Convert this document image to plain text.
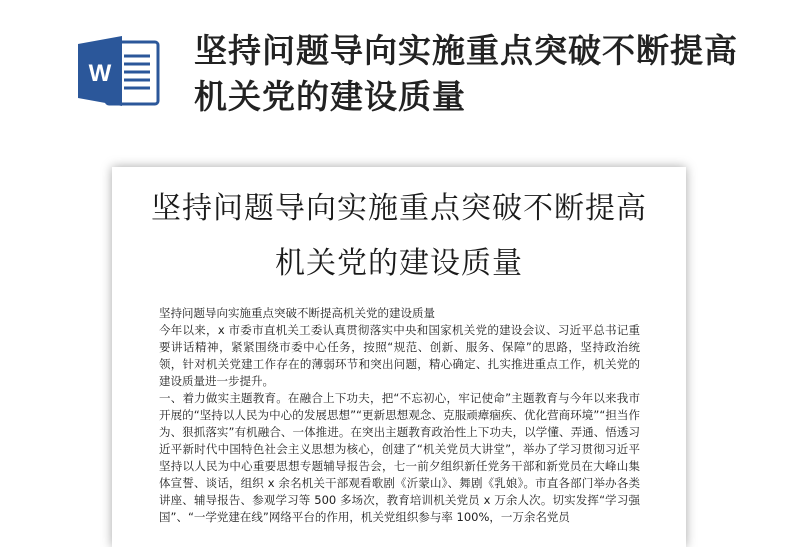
W
坚持问题导向实施重点突破不断提高机关党的建设质量
坚持问题导向实施重点突破不断提高机关党的建设质量

坚持问题导向实施重点突破不断提高机关党的建设质量

今年以来，x 市委市直机关工委认真贯彻落实中央和国家机关党的建设会议、习近平总书记重要讲话精神，紧紧围绕市委中心任务，按照“规范、创新、服务、保障”的思路，坚持政治统领，针对机关党建工作存在的薄弱环节和突出问题，精心确定、扎实推进重点工作，机关党的建设质量进一步提升。

一、着力做实主题教育。在融合上下功夫，把“不忘初心，牢记使命”主题教育与今年以来我市开展的“坚持以人民为中心的发展思想”“更新思想观念、克服顽瘴痼疾、优化营商环境”“担当作为、狠抓落实”有机融合、一体推进。在突出主题教育政治性上下功夫，以学懂、弄通、悟透习近平新时代中国特色社会主义思想为核心，创建了“机关党员大讲堂”，举办了学习贯彻习近平坚持以人民为中心重要思想专题辅导报告会，七一前夕组织新任党务干部和新党员在大峰山集体宣誓、谈话，组织 x 余名机关干部观看歌剧《沂蒙山》、舞剧《乳娘》。市直各部门举办各类讲座、辅导报告、参观学习等 500 多场次，教育培训机关党员 x 万余人次。切实发挥“学习强国”、“一学党建在线”网络平台的作用，机关党组织参与率 100%，一万余名党员
